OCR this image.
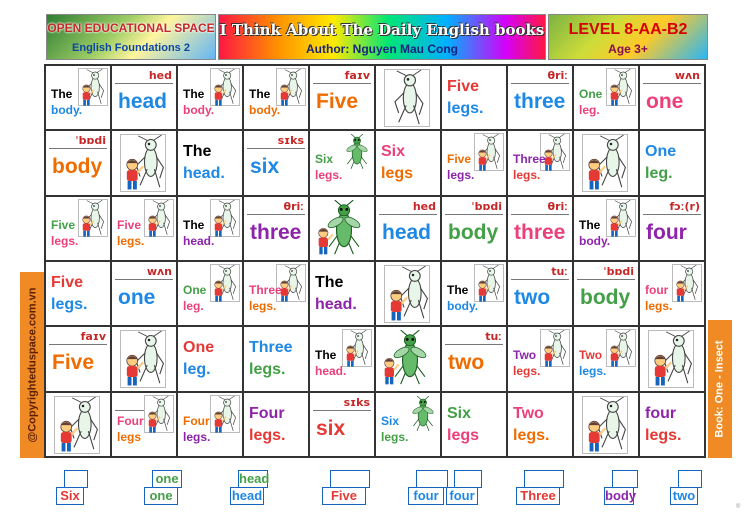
OPEN EDUCATIONAL SPACE
English Foundations 2
I Think About The Daily English books
Author: Nguyen Mau Cong
LEVEL 8-AA-B2
Age 3+
@Copyrighteduspace.com.vn	Book: One - Insect
The
body.
hed
head The
body.
The
body.
faɪv
Five
Five
legs.
θriː
three One
leg.
wʌn
one
ˈbɒdi
body
The
head.
sɪks
six	Six
legs.
Six
legs
Five
legs.
Three
legs.
One
leg.
Five
legs.
Five
legs.
The
head.
θriː
three
hed
head
ˈbɒdi
body
θriː
three The
body.
fɔː(r)
four
Five
legs.
wʌn
one One
leg.
Three
legs.
The
head.
The
body.
tuː
two
ˈbɒdi
body four
legs.
faɪv
Five
One
leg.
Three
legs.
The
head.
tuː
two Two
legs.
Two
legs.
Four
legs
Four
legs.
Four
legs.
sɪks
six	Six
legs.
Six
legs
Two
legs.
four
legs.
Six
one
one
head
head	Five	four four	Three	body	two
®
